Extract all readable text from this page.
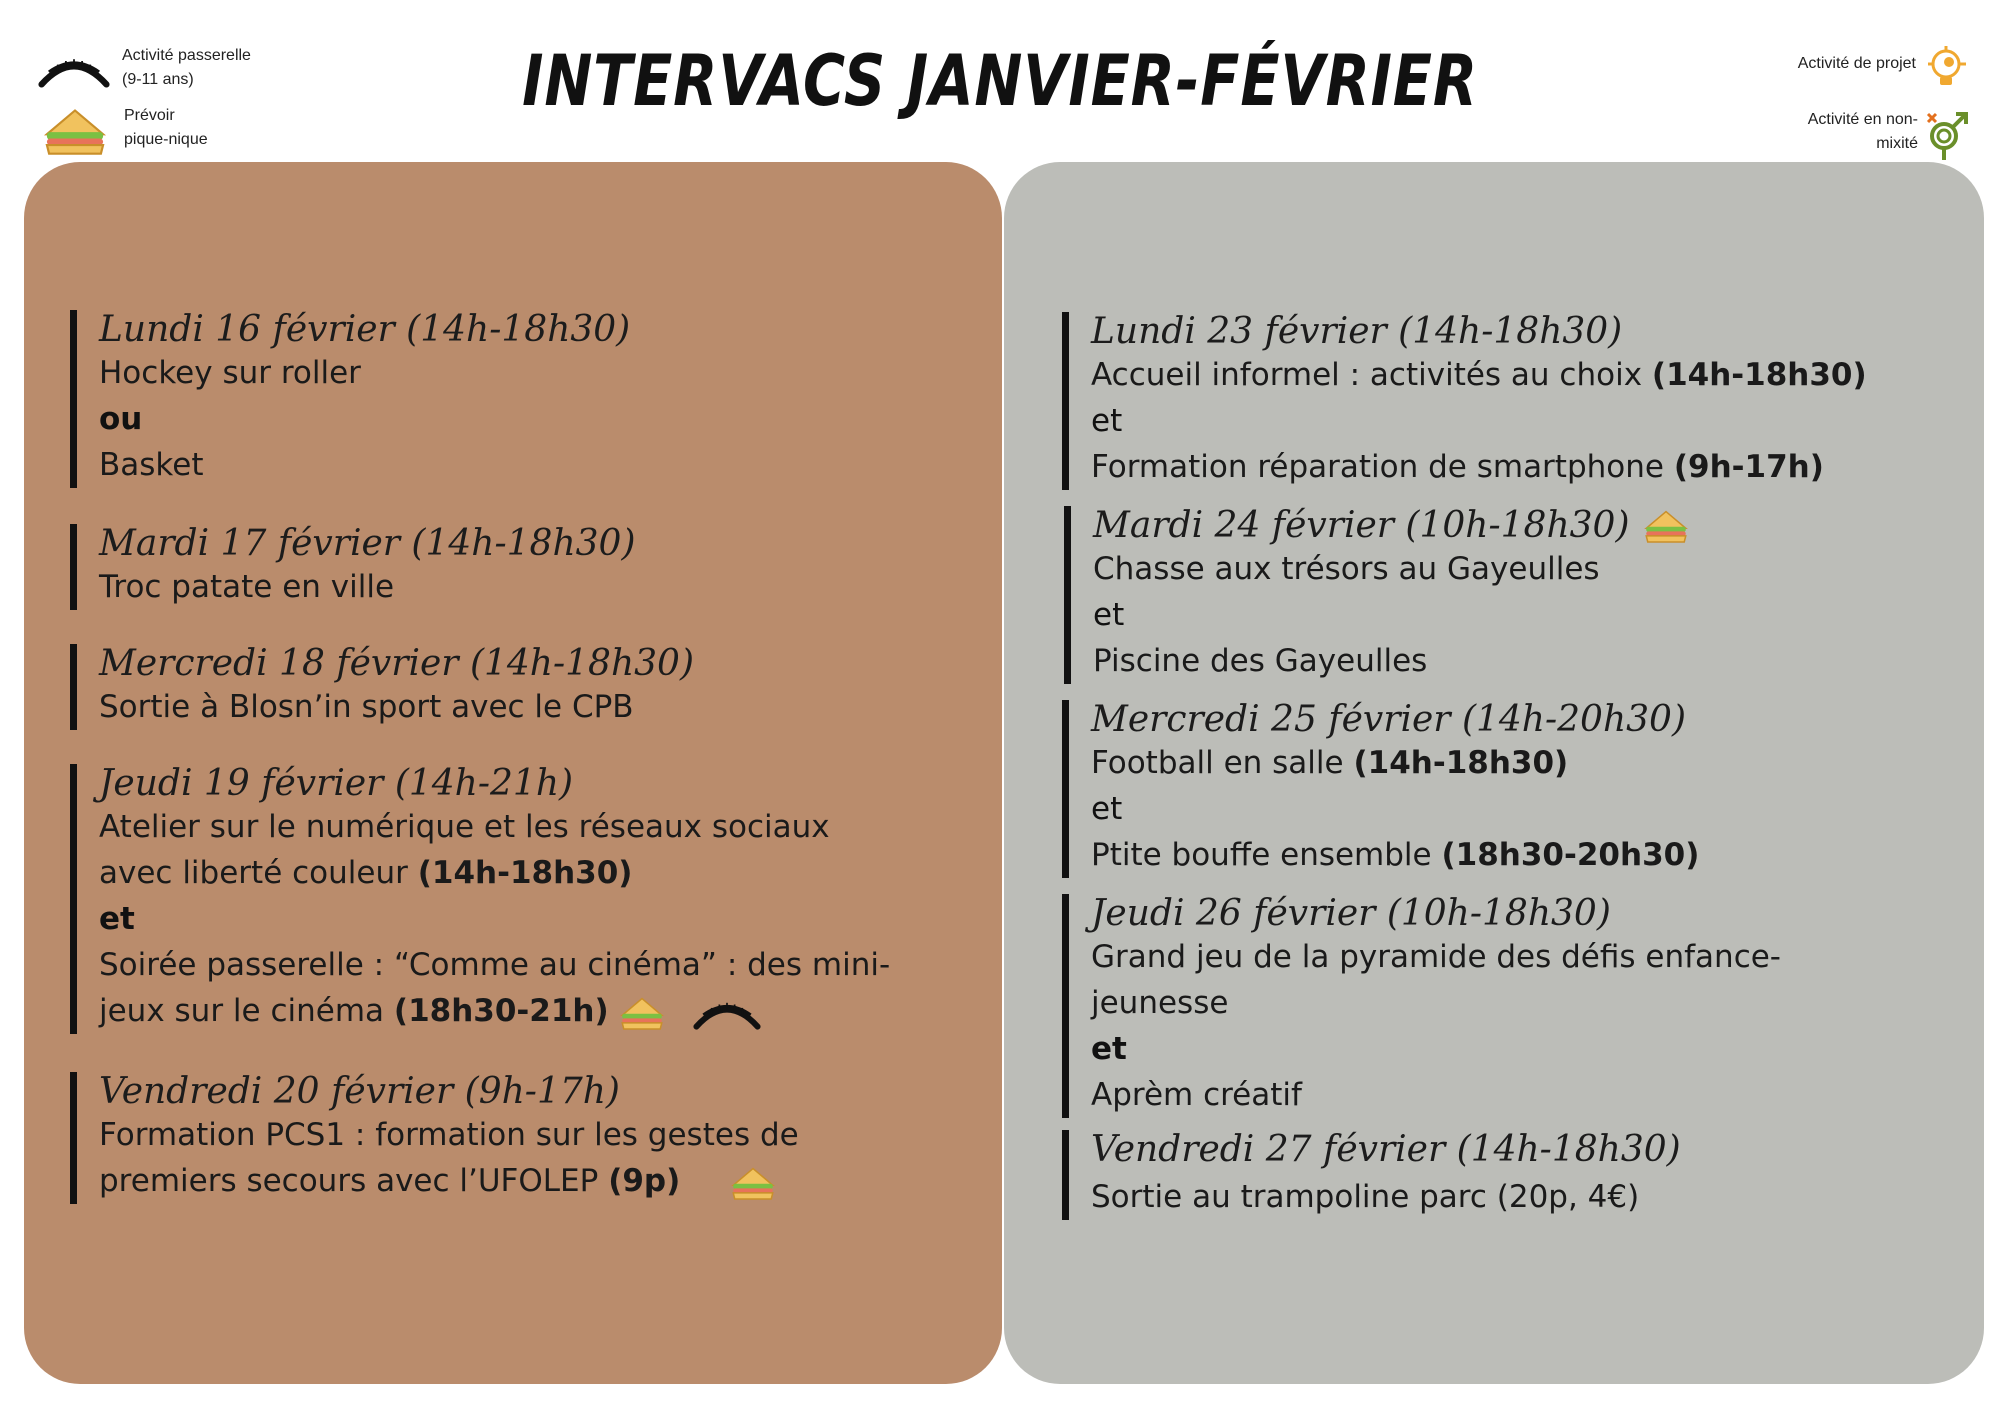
INTERVACS JANVIER-FÉVRIER
Activité passerelle
(9-11 ans)
Prévoir
pique-nique
Activité de projet
Activité en non-
mixité
Lundi 16 février (14h-18h30)
Hockey sur roller
ou
Basket
Mardi 17 février (14h-18h30)
Troc patate en ville
Mercredi 18 février (14h-18h30)
Sortie à Blosn’in sport avec le CPB
Jeudi 19 février (14h-21h)
Atelier sur le numérique et les réseaux sociaux
avec liberté couleur (14h-18h30)
et
Soirée passerelle : “Comme au cinéma” : des mini-
jeux sur le cinéma (18h30-21h)
Vendredi 20 février (9h-17h)
Formation PCS1 : formation sur les gestes de
premiers secours avec l’UFOLEP (9p)
Lundi 23 février (14h-18h30)
Accueil informel : activités au choix (14h-18h30)
et
Formation réparation de smartphone (9h-17h)
Mardi 24 février (10h-18h30)
Chasse aux trésors au Gayeulles
et
Piscine des Gayeulles
Mercredi 25 février (14h-20h30)
Football en salle (14h-18h30)
et
Ptite bouffe ensemble (18h30-20h30)
Jeudi 26 février (10h-18h30)
Grand jeu de la pyramide des défis enfance-
jeunesse
et
Aprèm créatif
Vendredi 27 février (14h-18h30)
Sortie au trampoline parc (20p, 4€)
